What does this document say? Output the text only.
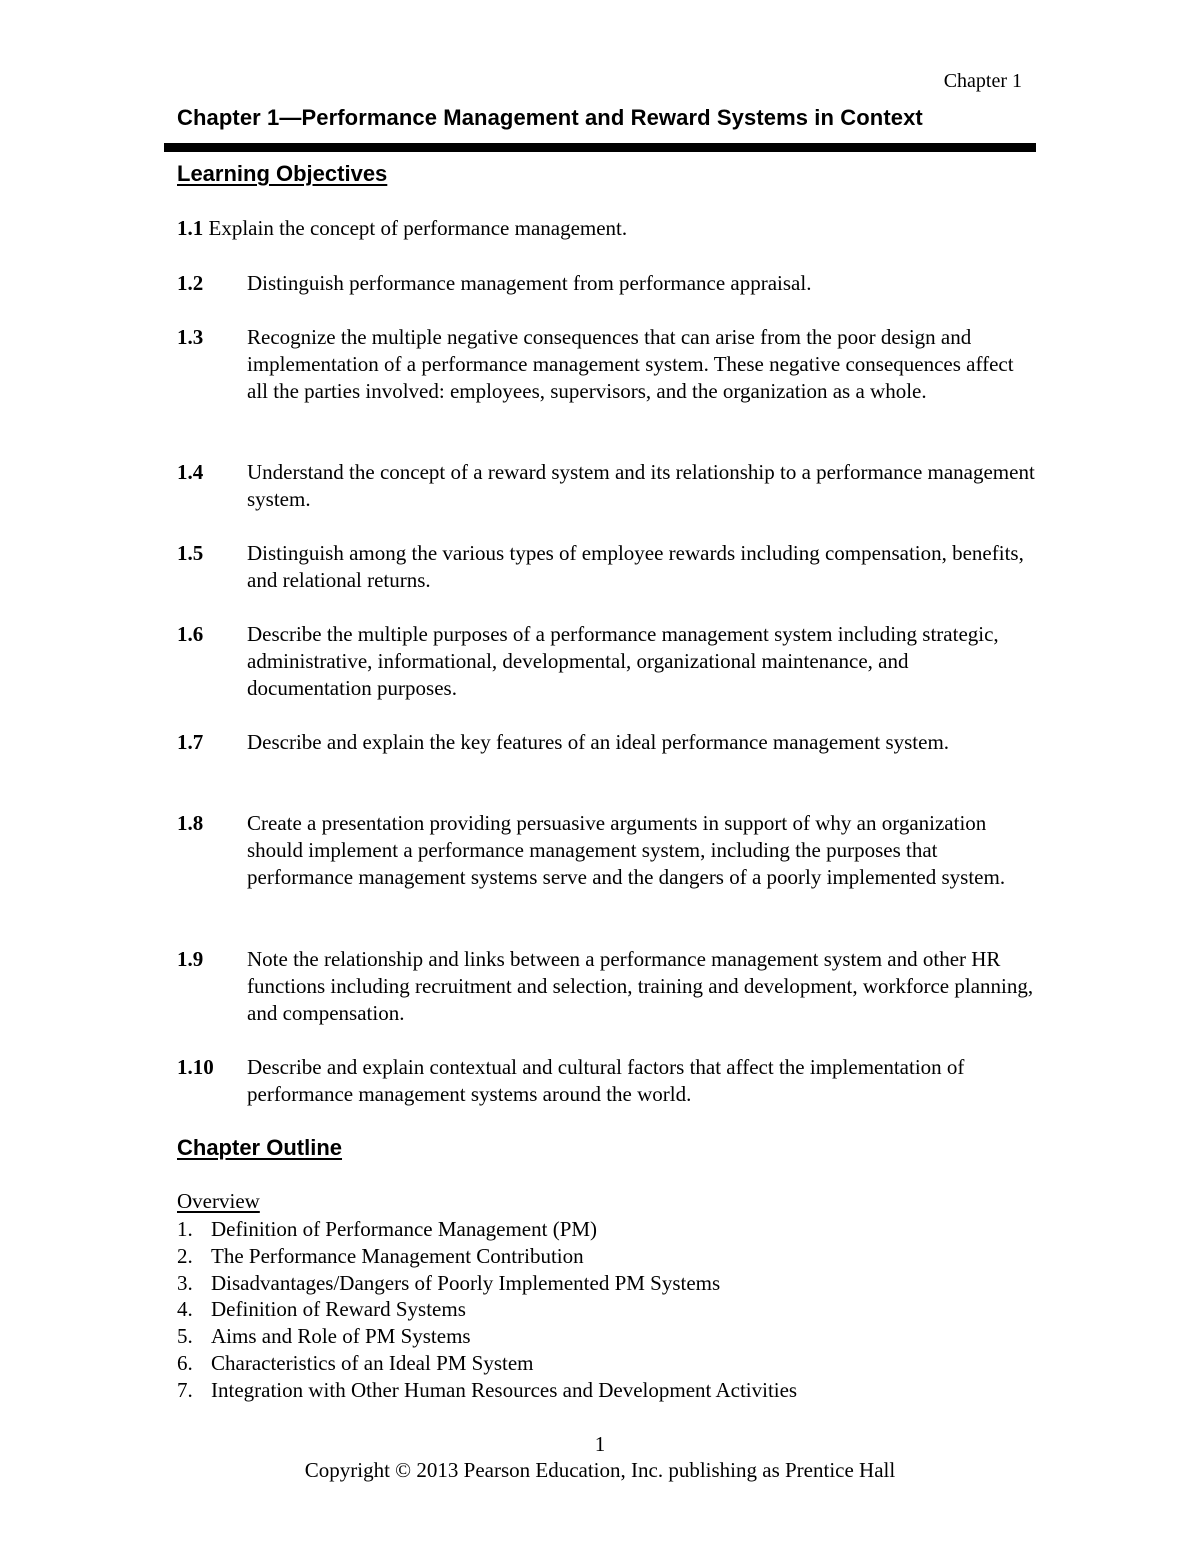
Chapter 1
Chapter 1—Performance Management and Reward Systems in Context
Learning Objectives
1.1 Explain the concept of performance management.
1.2 Distinguish performance management from performance appraisal.
1.3 Recognize the multiple negative consequences that can arise from the poor design and implementation of a performance management system. These negative consequences affect all the parties involved: employees, supervisors, and the organization as a whole.
1.4 Understand the concept of a reward system and its relationship to a performance management system.
1.5 Distinguish among the various types of employee rewards including compensation, benefits, and relational returns.
1.6 Describe the multiple purposes of a performance management system including strategic, administrative, informational, developmental, organizational maintenance, and documentation purposes.
1.7 Describe and explain the key features of an ideal performance management system.
1.8 Create a presentation providing persuasive arguments in support of why an organization should implement a performance management system, including the purposes that performance management systems serve and the dangers of a poorly implemented system.
1.9 Note the relationship and links between a performance management system and other HR functions including recruitment and selection, training and development, workforce planning, and compensation.
1.10 Describe and explain contextual and cultural factors that affect the implementation of performance management systems around the world.
Chapter Outline
Overview
1. Definition of Performance Management (PM)
2. The Performance Management Contribution
3. Disadvantages/Dangers of Poorly Implemented PM Systems
4. Definition of Reward Systems
5. Aims and Role of PM Systems
6. Characteristics of an Ideal PM System
7. Integration with Other Human Resources and Development Activities
1
Copyright © 2013 Pearson Education, Inc. publishing as Prentice Hall
